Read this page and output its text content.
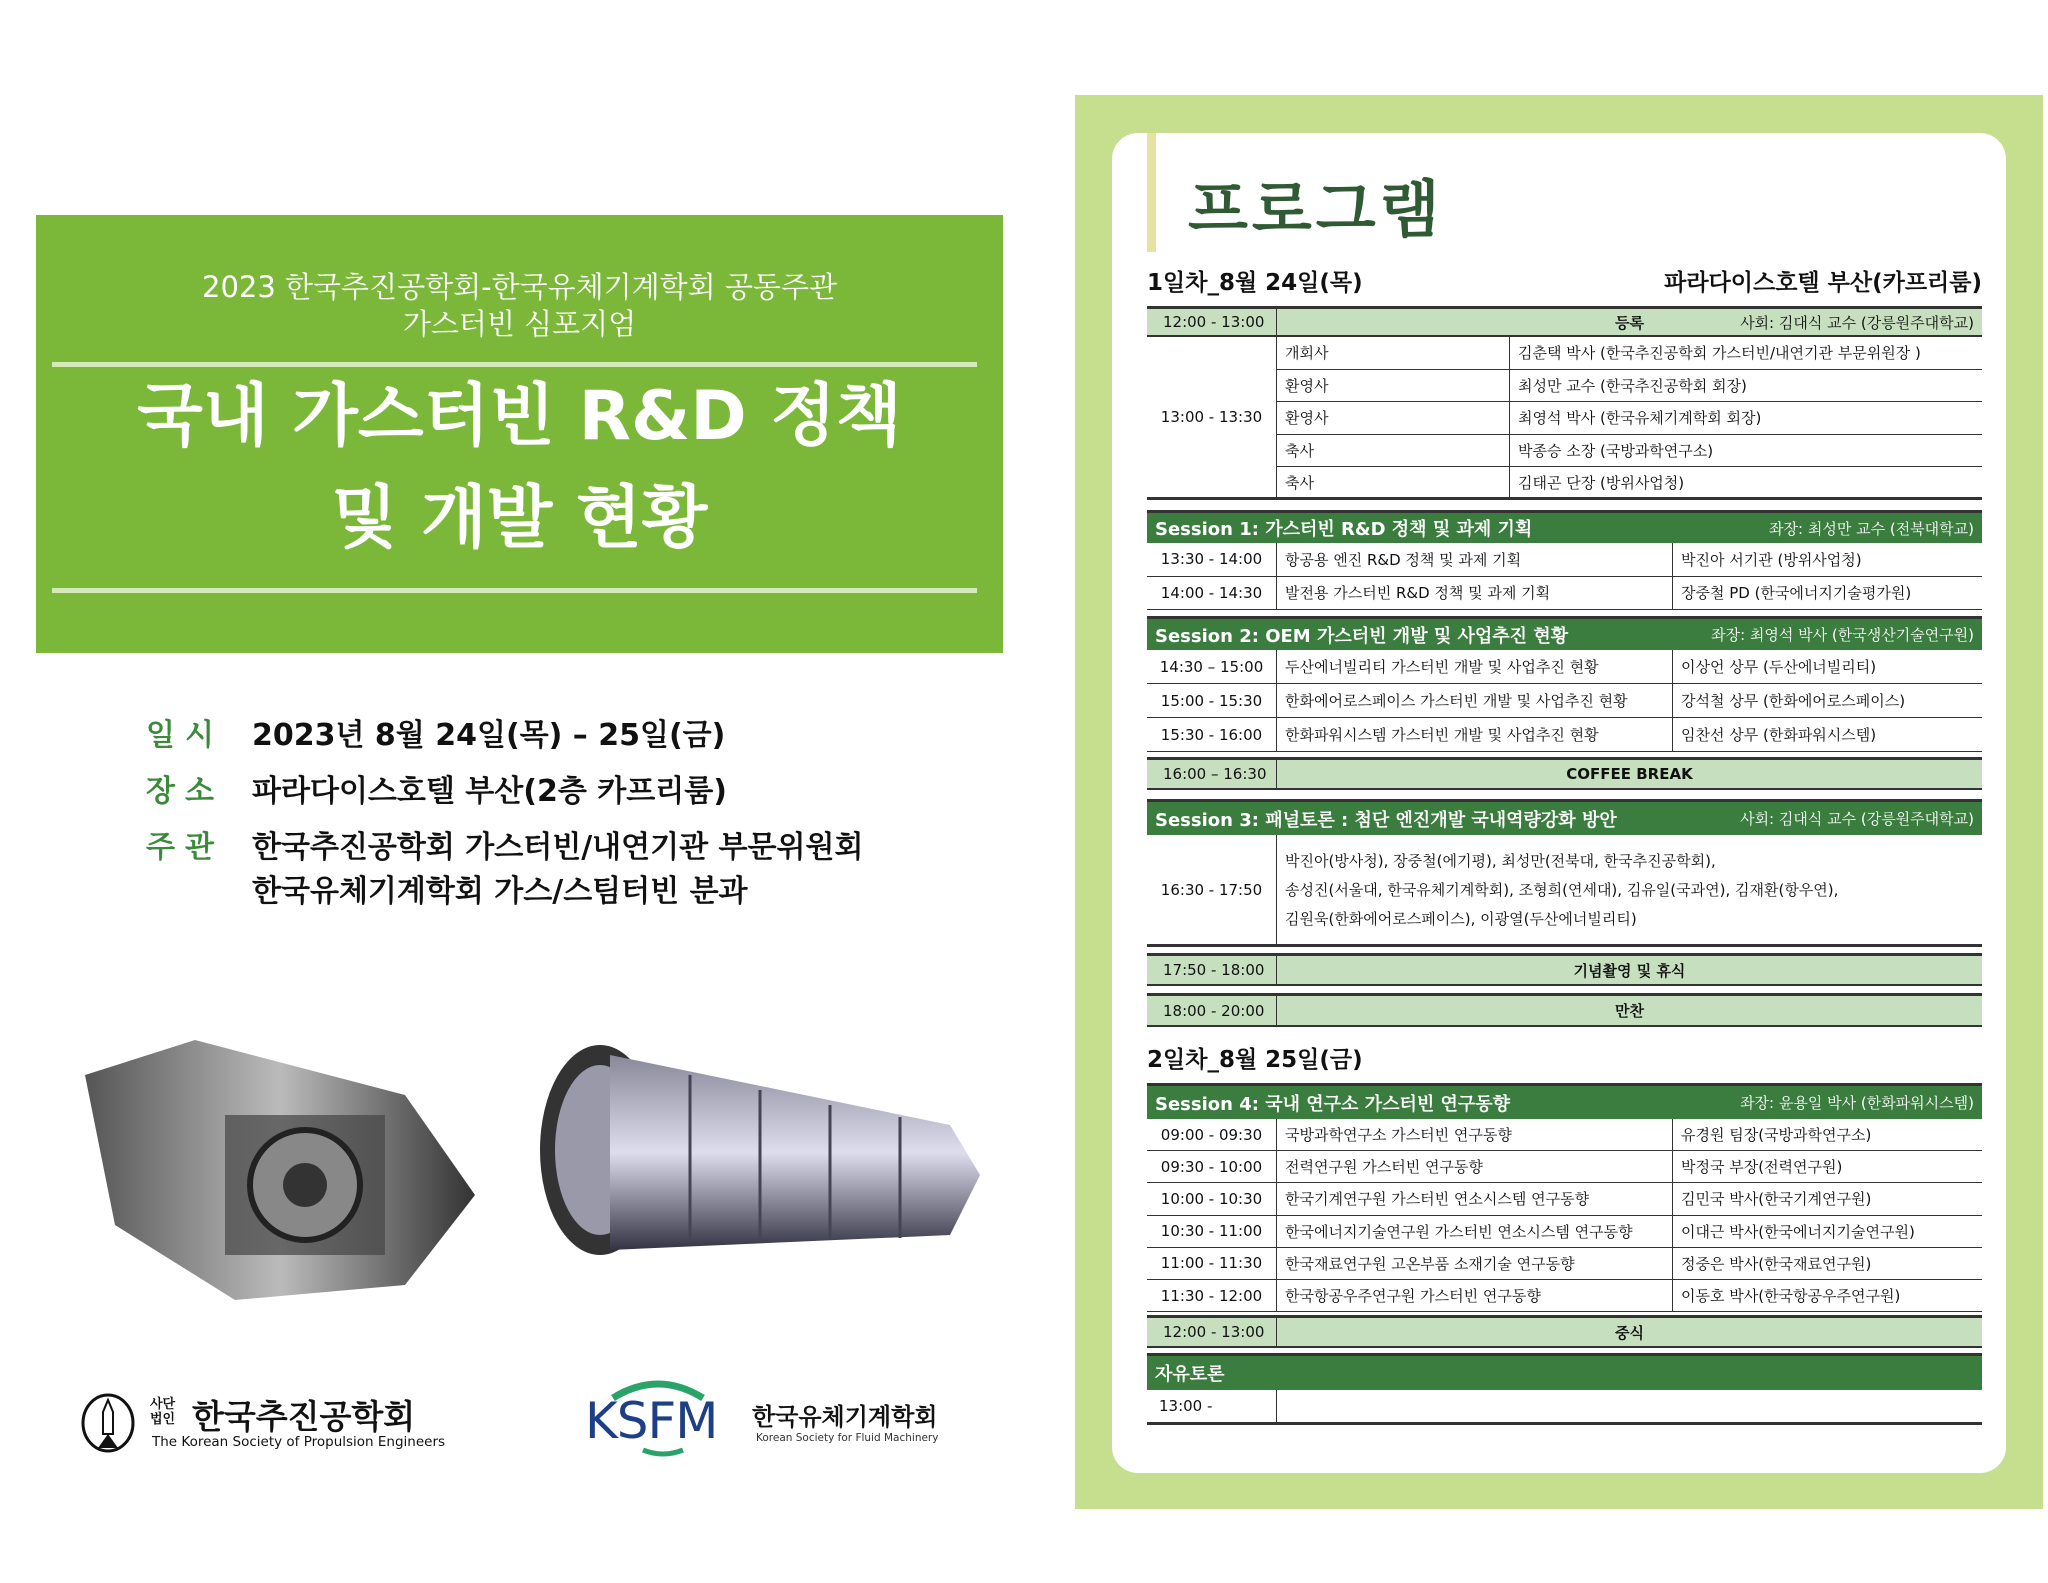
2023 한국추진공학회-한국유체기계학회 공동주관
가스터빈 심포지엄
국내 가스터빈 R&D 정책
및 개발 현황
일시 2023년 8월 24일(목) – 25일(금)
장소 파라다이스호텔 부산(2층 카프리룸)
주관 한국추진공학회 가스터빈/내연기관 부문위원회
한국유체기계학회 가스/스팀터빈 분과
사단
법인 한국추진공학회
The Korean Society of Propulsion Engineers	KSFM 한국유체기계학회
Korean Society for Fluid Machinery
프로그램
1일차_8월 24일(목)	파라다이스호텔 부산(카프리룸)
2일차_8월 25일(금)
12:00 - 13:00	등록	사회: 김대식 교수 (강릉원주대학교)
13:00 - 13:30
개회사	김춘택 박사 (한국추진공학회 가스터빈/내연기관 부문위원장 )
환영사	최성만 교수 (한국추진공학회 회장)
환영사	최영석 박사 (한국유체기계학회 회장)
축사	박종승 소장 (국방과학연구소)
축사	김태곤 단장 (방위사업청)
Session 1: 가스터빈 R&D 정책 및 과제 기획	좌장: 최성만 교수 (전북대학교)
13:30 - 14:00	항공용 엔진 R&D 정책 및 과제 기획	박진아 서기관 (방위사업청)
14:00 - 14:30	발전용 가스터빈 R&D 정책 및 과제 기획	장중철 PD (한국에너지기술평가원)
Session 2: OEM 가스터빈 개발 및 사업추진 현황	좌장: 최영석 박사 (한국생산기술연구원)
14:30 – 15:00	두산에너빌리티 가스터빈 개발 및 사업추진 현황	이상언 상무 (두산에너빌리티)
15:00 - 15:30	한화에어로스페이스 가스터빈 개발 및 사업추진 현황	강석철 상무 (한화에어로스페이스)
15:30 - 16:00	한화파워시스템 가스터빈 개발 및 사업추진 현황	임찬선 상무 (한화파워시스템)
16:00 – 16:30	COFFEE BREAK
Session 3: 패널토론 : 첨단 엔진개발 국내역량강화 방안	사회: 김대식 교수 (강릉원주대학교)
16:30 - 17:50
박진아(방사청), 장중철(에기평), 최성만(전북대, 한국추진공학회),
송성진(서울대, 한국유체기계학회), 조형희(연세대), 김유일(국과연), 김재환(항우연),
김원욱(한화에어로스페이스), 이광열(두산에너빌리티)
17:50 - 18:00	기념촬영 및 휴식
18:00 - 20:00	만찬
Session 4: 국내 연구소 가스터빈 연구동향	좌장: 윤용일 박사 (한화파워시스템)
09:00 - 09:30	국방과학연구소 가스터빈 연구동향	유경원 팀장(국방과학연구소)
09:30 - 10:00	전력연구원 가스터빈 연구동향	박정국 부장(전력연구원)
10:00 - 10:30	한국기계연구원 가스터빈 연소시스템 연구동향	김민국 박사(한국기계연구원)
10:30 - 11:00	한국에너지기술연구원 가스터빈 연소시스템 연구동향	이대근 박사(한국에너지기술연구원)
11:00 - 11:30	한국재료연구원 고온부품 소재기술 연구동향	정중은 박사(한국재료연구원)
11:30 - 12:00	한국항공우주연구원 가스터빈 연구동향	이동호 박사(한국항공우주연구원)
12:00 - 13:00	중식
자유토론
13:00 -
